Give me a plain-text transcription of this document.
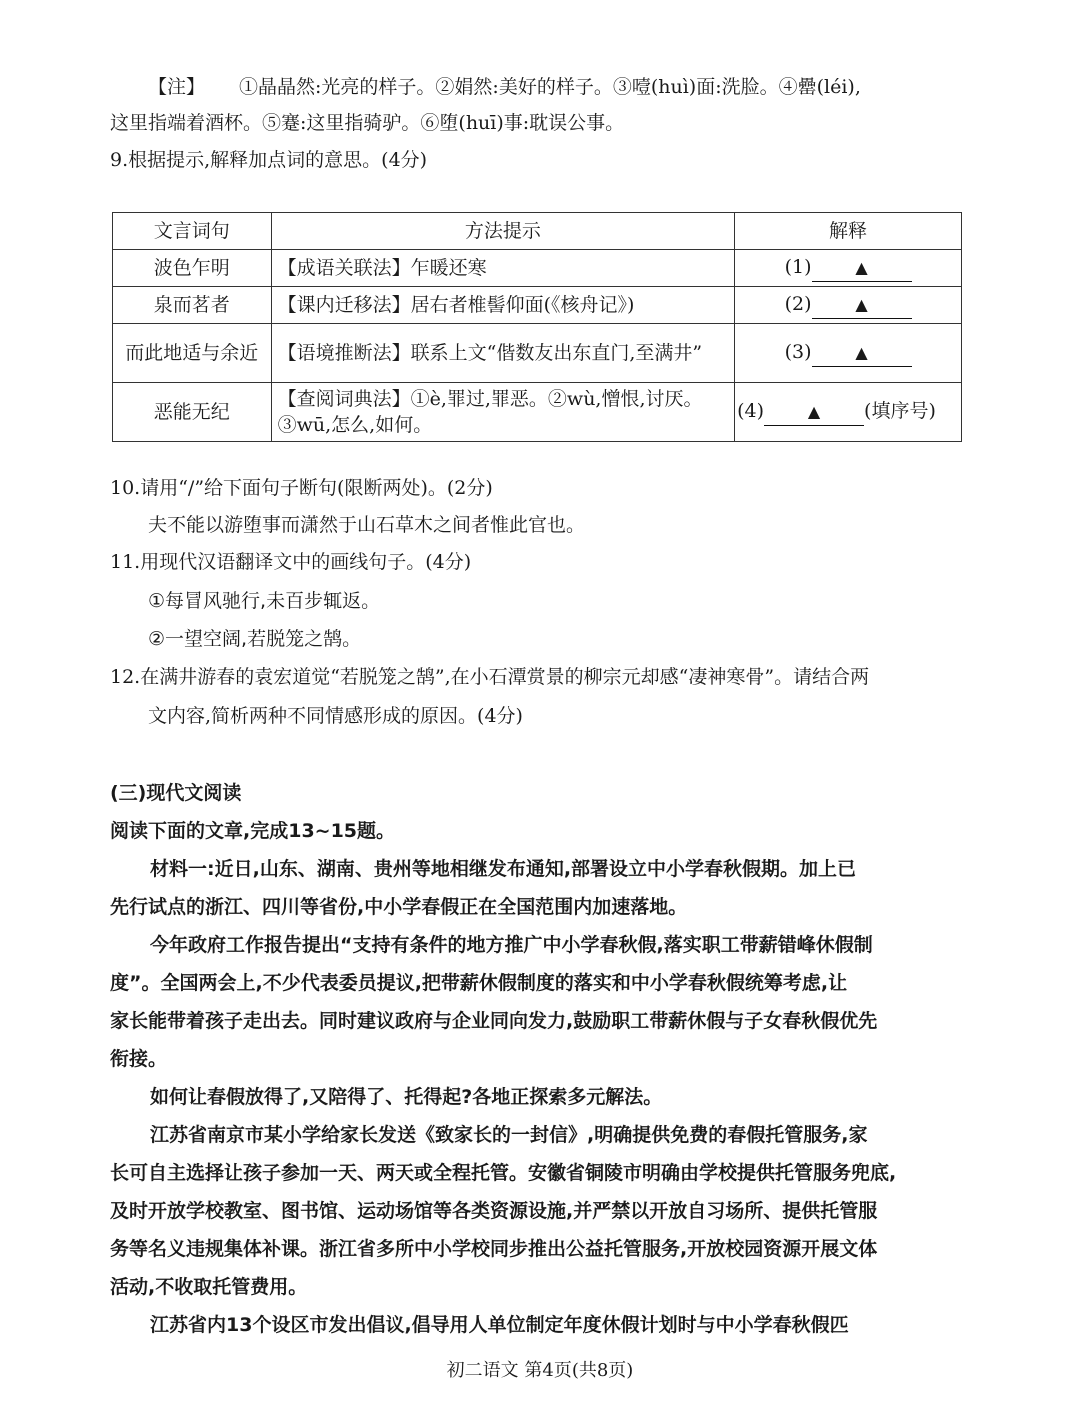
【注】 ①晶晶然:光亮的样子。②娟然:美好的样子。③噎(huì)面:洗脸。④罍(léi),
这里指端着酒杯。⑤蹇:这里指骑驴。⑥堕(huī)事:耽误公事。
9.根据提示,解释加点词的意思。(4分)
文言词句	方法提示	解释
波色乍明	【成语关联法】乍暖还寒	(1) ▲
泉而茗者	【课内迁移法】居右者椎髻仰面(《核舟记》)	(2) ▲
而此地适与余近	【语境推断法】联系上文“偕数友出东直门,至满井”	(3) ▲
恶能无纪	【查阅词典法】①è,罪过,罪恶。②wù,憎恨,讨厌。③wū,怎么,如何。	(4) ▲ (填序号)
10.请用“/”给下面句子断句(限断两处)。(2分)
夫不能以游堕事而潇然于山石草木之间者惟此官也。
11.用现代汉语翻译文中的画线句子。(4分)
①每冒风驰行,未百步辄返。
②一望空阔,若脱笼之鹄。
12.在满井游春的袁宏道觉“若脱笼之鹄”,在小石潭赏景的柳宗元却感“凄神寒骨”。请结合两
文内容,简析两种不同情感形成的原因。(4分)
(三)现代文阅读
阅读下面的文章,完成13~15题。
材料一:近日,山东、湖南、贵州等地相继发布通知,部署设立中小学春秋假期。加上已
先行试点的浙江、四川等省份,中小学春假正在全国范围内加速落地。
今年政府工作报告提出“支持有条件的地方推广中小学春秋假,落实职工带薪错峰休假制
度”。全国两会上,不少代表委员提议,把带薪休假制度的落实和中小学春秋假统筹考虑,让
家长能带着孩子走出去。同时建议政府与企业同向发力,鼓励职工带薪休假与子女春秋假优先
衔接。
如何让春假放得了,又陪得了、托得起?各地正探索多元解法。
江苏省南京市某小学给家长发送《致家长的一封信》,明确提供免费的春假托管服务,家
长可自主选择让孩子参加一天、两天或全程托管。安徽省铜陵市明确由学校提供托管服务兜底,
及时开放学校教室、图书馆、运动场馆等各类资源设施,并严禁以开放自习场所、提供托管服
务等名义违规集体补课。浙江省多所中小学校同步推出公益托管服务,开放校园资源开展文体
活动,不收取托管费用。
江苏省内13个设区市发出倡议,倡导用人单位制定年度休假计划时与中小学春秋假匹
初二语文 第4页(共8页)
